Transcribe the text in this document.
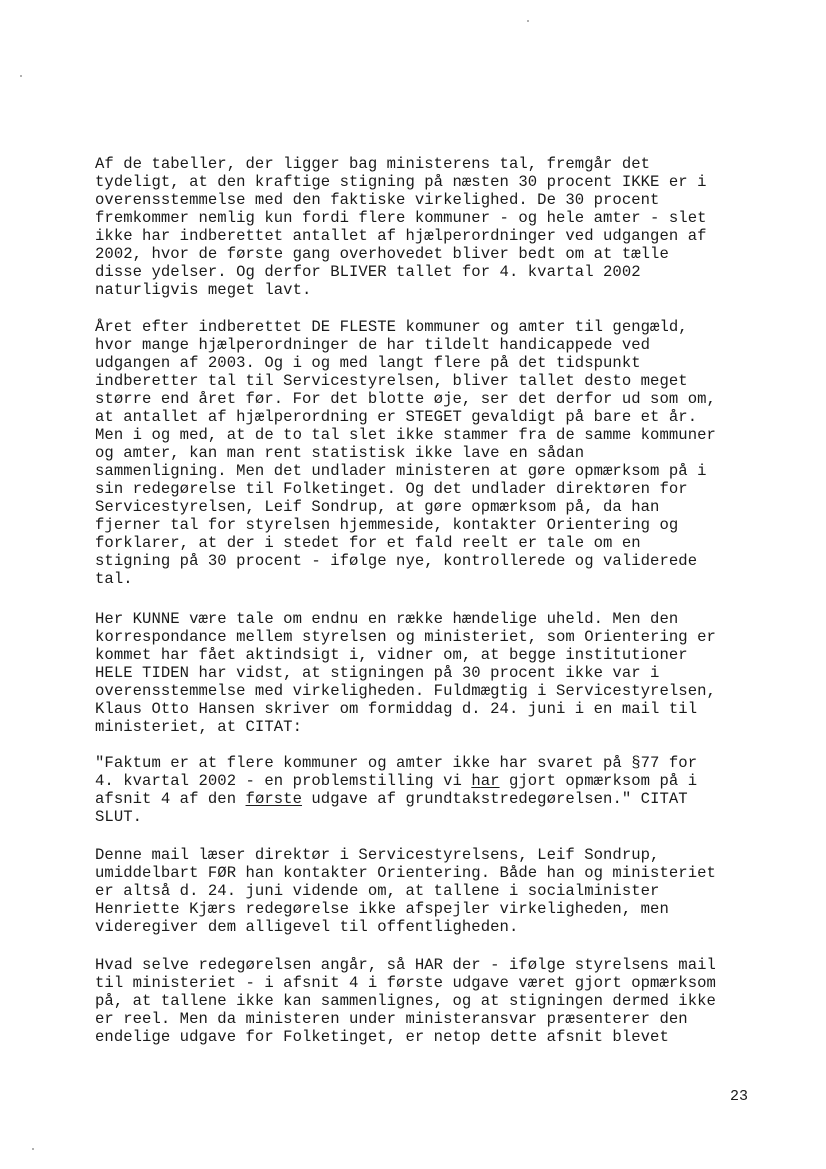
Af de tabeller, der ligger bag ministerens tal, fremgår det
tydeligt, at den kraftige stigning på næsten 30 procent IKKE er i
overensstemmelse med den faktiske virkelighed. De 30 procent
fremkommer nemlig kun fordi flere kommuner - og hele amter - slet
ikke har indberettet antallet af hjælperordninger ved udgangen af
2002, hvor de første gang overhovedet bliver bedt om at tælle
disse ydelser. Og derfor BLIVER tallet for 4. kvartal 2002
naturligvis meget lavt.

Året efter indberettet DE FLESTE kommuner og amter til gengæld,
hvor mange hjælperordninger de har tildelt handicappede ved
udgangen af 2003. Og i og med langt flere på det tidspunkt
indberetter tal til Servicestyrelsen, bliver tallet desto meget
større end året før. For det blotte øje, ser det derfor ud som om,
at antallet af hjælperordning er STEGET gevaldigt på bare et år.
Men i og med, at de to tal slet ikke stammer fra de samme kommuner
og amter, kan man rent statistisk ikke lave en sådan
sammenligning. Men det undlader ministeren at gøre opmærksom på i
sin redegørelse til Folketinget. Og det undlader direktøren for
Servicestyrelsen, Leif Sondrup, at gøre opmærksom på, da han
fjerner tal for styrelsen hjemmeside, kontakter Orientering og
forklarer, at der i stedet for et fald reelt er tale om en
stigning på 30 procent - ifølge nye, kontrollerede og validerede
tal.

Her KUNNE være tale om endnu en række hændelige uheld. Men den
korrespondance mellem styrelsen og ministeriet, som Orientering er
kommet har fået aktindsigt i, vidner om, at begge institutioner
HELE TIDEN har vidst, at stigningen på 30 procent ikke var i
overensstemmelse med virkeligheden. Fuldmægtig i Servicestyrelsen,
Klaus Otto Hansen skriver om formiddag d. 24. juni i en mail til
ministeriet, at CITAT:

"Faktum er at flere kommuner og amter ikke har svaret på §77 for
4. kvartal 2002 - en problemstilling vi har gjort opmærksom på i
afsnit 4 af den første udgave af grundtakstredegørelsen." CITAT
SLUT.

Denne mail læser direktør i Servicestyrelsens, Leif Sondrup,
umiddelbart FØR han kontakter Orientering. Både han og ministeriet
er altså d. 24. juni vidende om, at tallene i socialminister
Henriette Kjærs redegørelse ikke afspejler virkeligheden, men
videregiver dem alligevel til offentligheden.

Hvad selve redegørelsen angår, så HAR der - ifølge styrelsens mail
til ministeriet - i afsnit 4 i første udgave været gjort opmærksom
på, at tallene ikke kan sammenlignes, og at stigningen dermed ikke
er reel. Men da ministeren under ministeransvar præsenterer den
endelige udgave for Folketinget, er netop dette afsnit blevet

23
